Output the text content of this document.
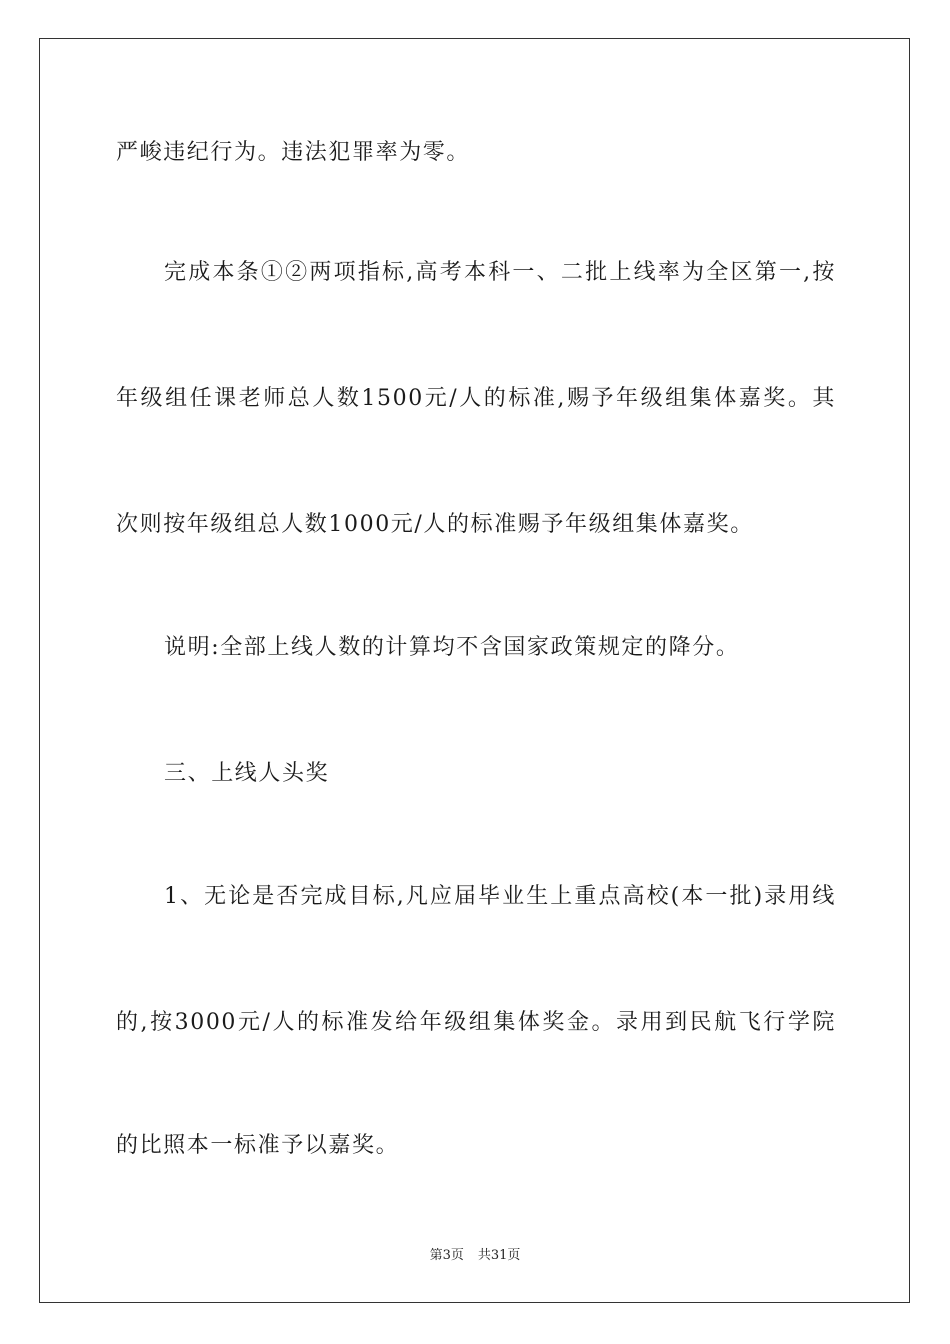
严峻违纪行为。违法犯罪率为零。
完成本条①②两项指标,高考本科一、二批上线率为全区第一,按
年级组任课老师总人数1500元/人的标准,赐予年级组集体嘉奖。其
次则按年级组总人数1000元/人的标准赐予年级组集体嘉奖。
说明:全部上线人数的计算均不含国家政策规定的降分。
三、上线人头奖
1、无论是否完成目标,凡应届毕业生上重点高校(本一批)录用线
的,按3000元/人的标准发给年级组集体奖金。录用到民航飞行学院
的比照本一标准予以嘉奖。
第3页 共31页
